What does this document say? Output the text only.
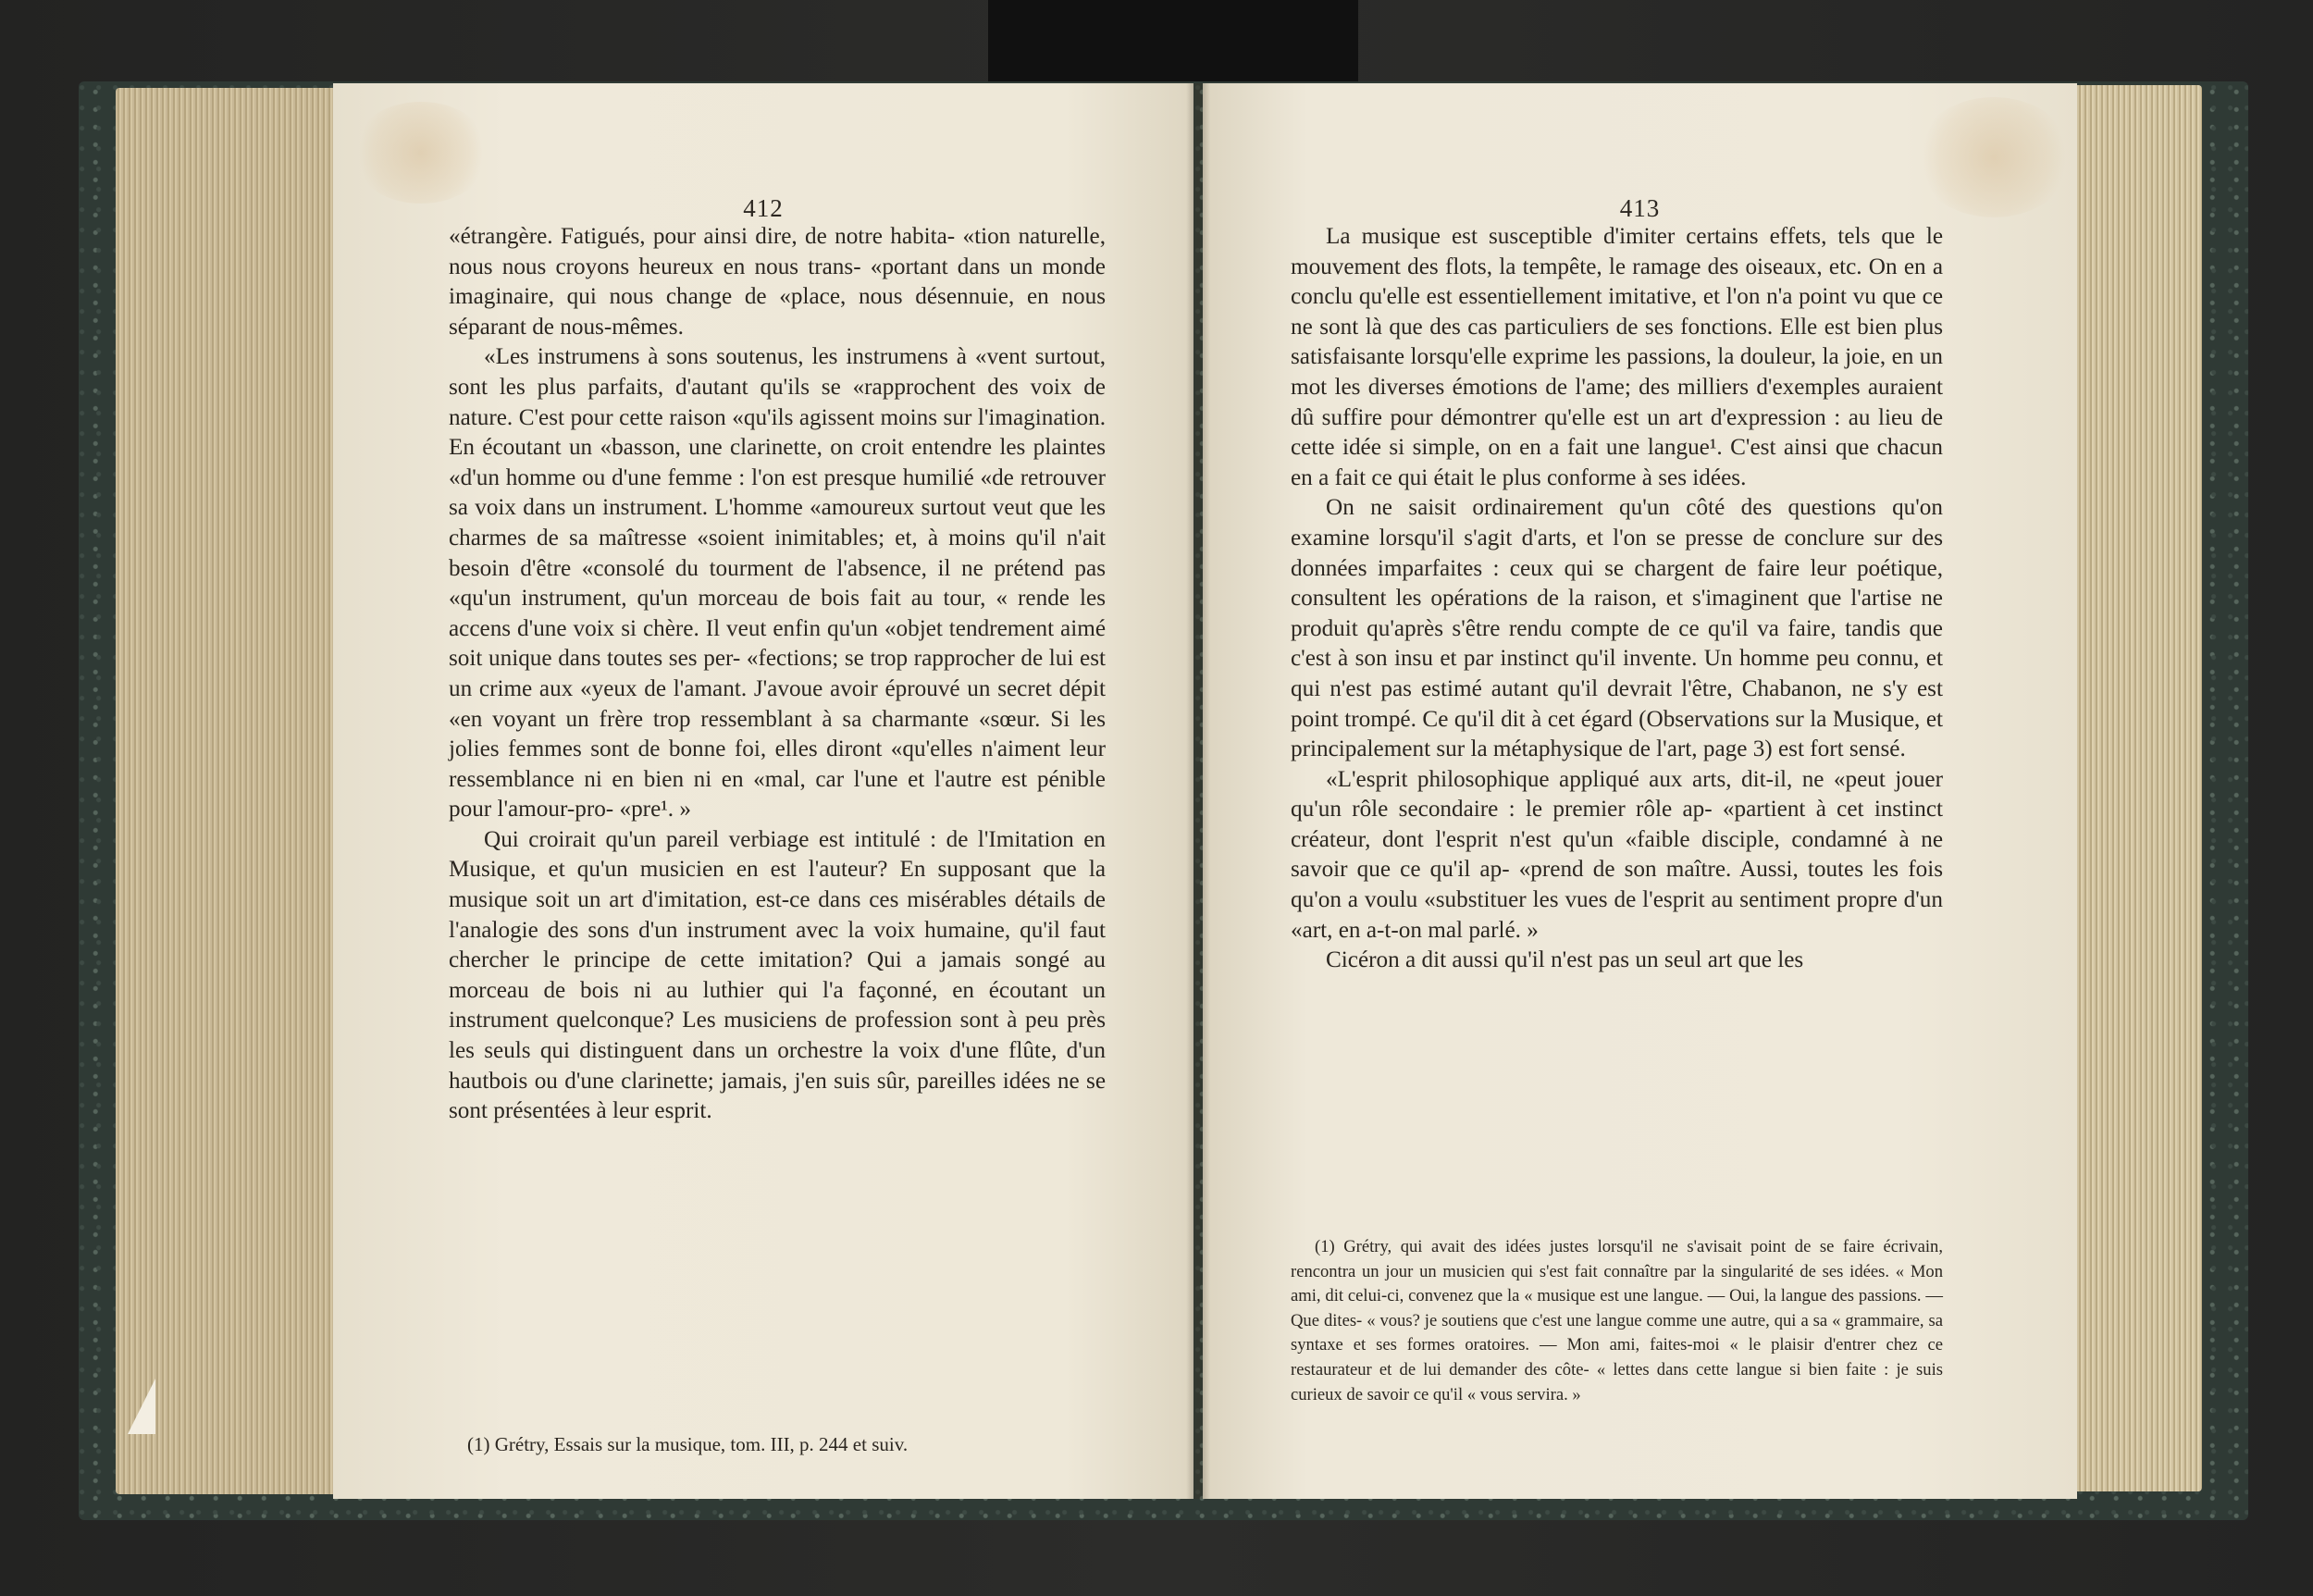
412

«étrangère. Fatigués, pour ainsi dire, de notre habita- «tion naturelle, nous nous croyons heureux en nous trans- «portant dans un monde imaginaire, qui nous change de «place, nous désennuie, en nous séparant de nous-mêmes.

«Les instrumens à sons soutenus, les instrumens à «vent surtout, sont les plus parfaits, d'autant qu'ils se «rapprochent des voix de nature. C'est pour cette raison «qu'ils agissent moins sur l'imagination. En écoutant un «basson, une clarinette, on croit entendre les plaintes «d'un homme ou d'une femme : l'on est presque humilié «de retrouver sa voix dans un instrument. L'homme «amoureux surtout veut que les charmes de sa maîtresse «soient inimitables; et, à moins qu'il n'ait besoin d'être «consolé du tourment de l'absence, il ne prétend pas «qu'un instrument, qu'un morceau de bois fait au tour, « rende les accens d'une voix si chère. Il veut enfin qu'un «objet tendrement aimé soit unique dans toutes ses per- «fections; se trop rapprocher de lui est un crime aux «yeux de l'amant. J'avoue avoir éprouvé un secret dépit «en voyant un frère trop ressemblant à sa charmante «sœur. Si les jolies femmes sont de bonne foi, elles diront «qu'elles n'aiment leur ressemblance ni en bien ni en «mal, car l'une et l'autre est pénible pour l'amour-pro- «pre¹. »

Qui croirait qu'un pareil verbiage est intitulé : de l'Imitation en Musique, et qu'un musicien en est l'auteur? En supposant que la musique soit un art d'imitation, est-ce dans ces misérables détails de l'analogie des sons d'un instrument avec la voix humaine, qu'il faut chercher le principe de cette imitation? Qui a jamais songé au morceau de bois ni au luthier qui l'a façonné, en écoutant un instrument quelconque? Les musiciens de profession sont à peu près les seuls qui distinguent dans un orchestre la voix d'une flûte, d'un hautbois ou d'une clarinette; jamais, j'en suis sûr, pareilles idées ne se sont présentées à leur esprit.

(1) Grétry, Essais sur la musique, tom. III, p. 244 et suiv.

413

La musique est susceptible d'imiter certains effets, tels que le mouvement des flots, la tempête, le ramage des oiseaux, etc. On en a conclu qu'elle est essentiellement imitative, et l'on n'a point vu que ce ne sont là que des cas particuliers de ses fonctions. Elle est bien plus satisfaisante lorsqu'elle exprime les passions, la douleur, la joie, en un mot les diverses émotions de l'ame; des milliers d'exemples auraient dû suffire pour démontrer qu'elle est un art d'expression : au lieu de cette idée si simple, on en a fait une langue¹. C'est ainsi que chacun en a fait ce qui était le plus conforme à ses idées.

On ne saisit ordinairement qu'un côté des questions qu'on examine lorsqu'il s'agit d'arts, et l'on se presse de conclure sur des données imparfaites : ceux qui se chargent de faire leur poétique, consultent les opérations de la raison, et s'imaginent que l'artise ne produit qu'après s'être rendu compte de ce qu'il va faire, tandis que c'est à son insu et par instinct qu'il invente. Un homme peu connu, et qui n'est pas estimé autant qu'il devrait l'être, Chabanon, ne s'y est point trompé. Ce qu'il dit à cet égard (Observations sur la Musique, et principalement sur la métaphysique de l'art, page 3) est fort sensé.

«L'esprit philosophique appliqué aux arts, dit-il, ne «peut jouer qu'un rôle secondaire : le premier rôle ap- «partient à cet instinct créateur, dont l'esprit n'est qu'un «faible disciple, condamné à ne savoir que ce qu'il ap- «prend de son maître. Aussi, toutes les fois qu'on a voulu «substituer les vues de l'esprit au sentiment propre d'un «art, en a-t-on mal parlé. »

Cicéron a dit aussi qu'il n'est pas un seul art que les

(1) Grétry, qui avait des idées justes lorsqu'il ne s'avisait point de se faire écrivain, rencontra un jour un musicien qui s'est fait connaître par la singularité de ses idées. « Mon ami, dit celui-ci, convenez que la « musique est une langue. — Oui, la langue des passions. — Que dites- « vous? je soutiens que c'est une langue comme une autre, qui a sa « grammaire, sa syntaxe et ses formes oratoires. — Mon ami, faites-moi « le plaisir d'entrer chez ce restaurateur et de lui demander des côte- « lettes dans cette langue si bien faite : je suis curieux de savoir ce qu'il « vous servira. »
